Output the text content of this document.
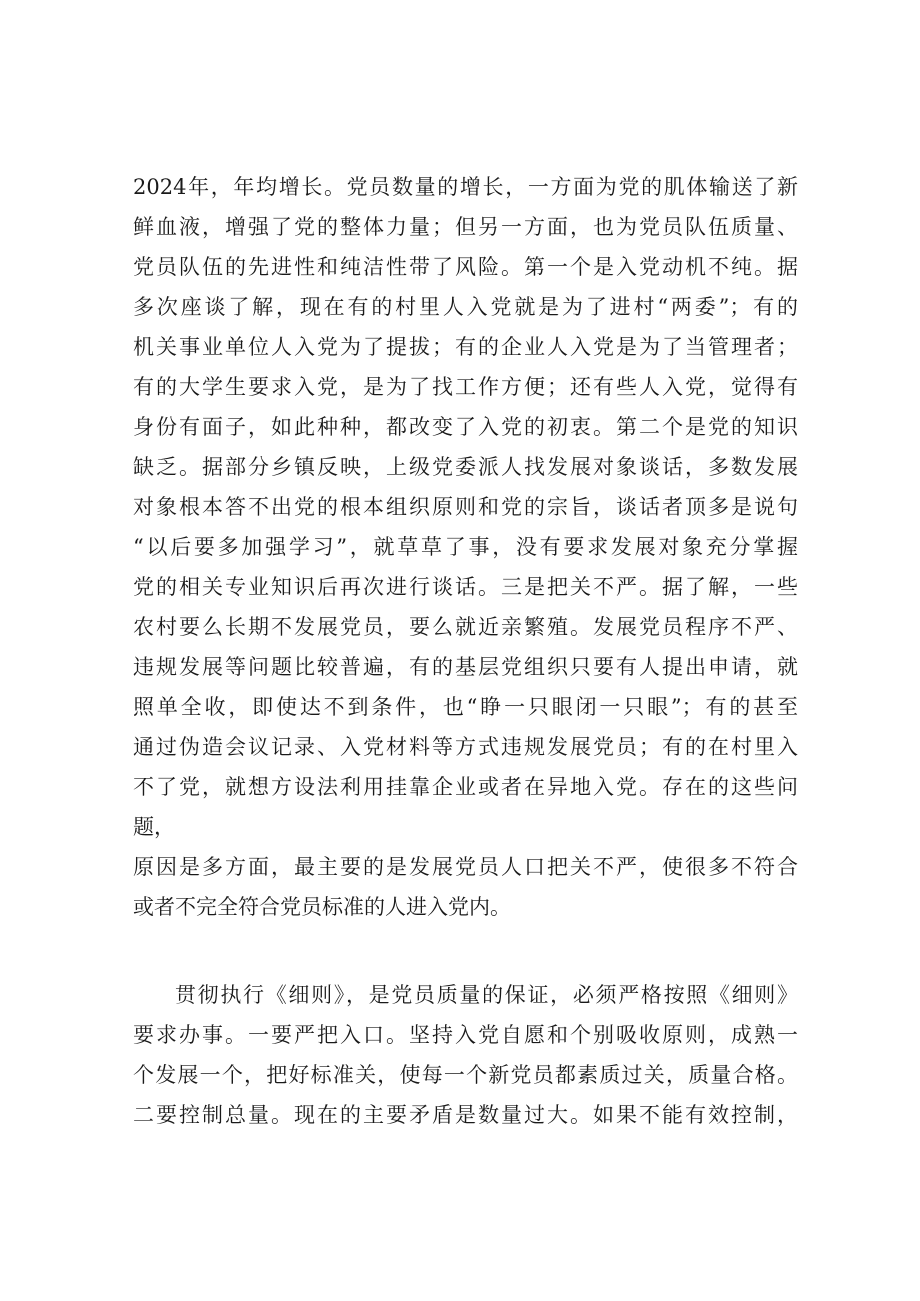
2024年，年均增长。党员数量的增长，一方面为党的肌体输送了新
鲜血液，增强了党的整体力量；但另一方面，也为党员队伍质量、
党员队伍的先进性和纯洁性带了风险。第一个是入党动机不纯。据
多次座谈了解，现在有的村里人入党就是为了进村“两委”；有的
机关事业单位人入党为了提拔；有的企业人入党是为了当管理者；
有的大学生要求入党，是为了找工作方便；还有些人入党，觉得有
身份有面子，如此种种，都改变了入党的初衷。第二个是党的知识
缺乏。据部分乡镇反映，上级党委派人找发展对象谈话，多数发展
对象根本答不出党的根本组织原则和党的宗旨，谈话者顶多是说句
“以后要多加强学习”，就草草了事，没有要求发展对象充分掌握
党的相关专业知识后再次进行谈话。三是把关不严。据了解，一些
农村要么长期不发展党员，要么就近亲繁殖。发展党员程序不严、
违规发展等问题比较普遍，有的基层党组织只要有人提出申请，就
照单全收，即使达不到条件，也“睁一只眼闭一只眼”；有的甚至
通过伪造会议记录、入党材料等方式违规发展党员；有的在村里入
不了党，就想方设法利用挂靠企业或者在异地入党。存在的这些问
题，
原因是多方面，最主要的是发展党员人口把关不严，使很多不符合
或者不完全符合党员标准的人进入党内。
贯彻执行《细则》，是党员质量的保证，必须严格按照《细则》
要求办事。一要严把入口。坚持入党自愿和个别吸收原则，成熟一
个发展一个，把好标准关，使每一个新党员都素质过关，质量合格。
二要控制总量。现在的主要矛盾是数量过大。如果不能有效控制，
